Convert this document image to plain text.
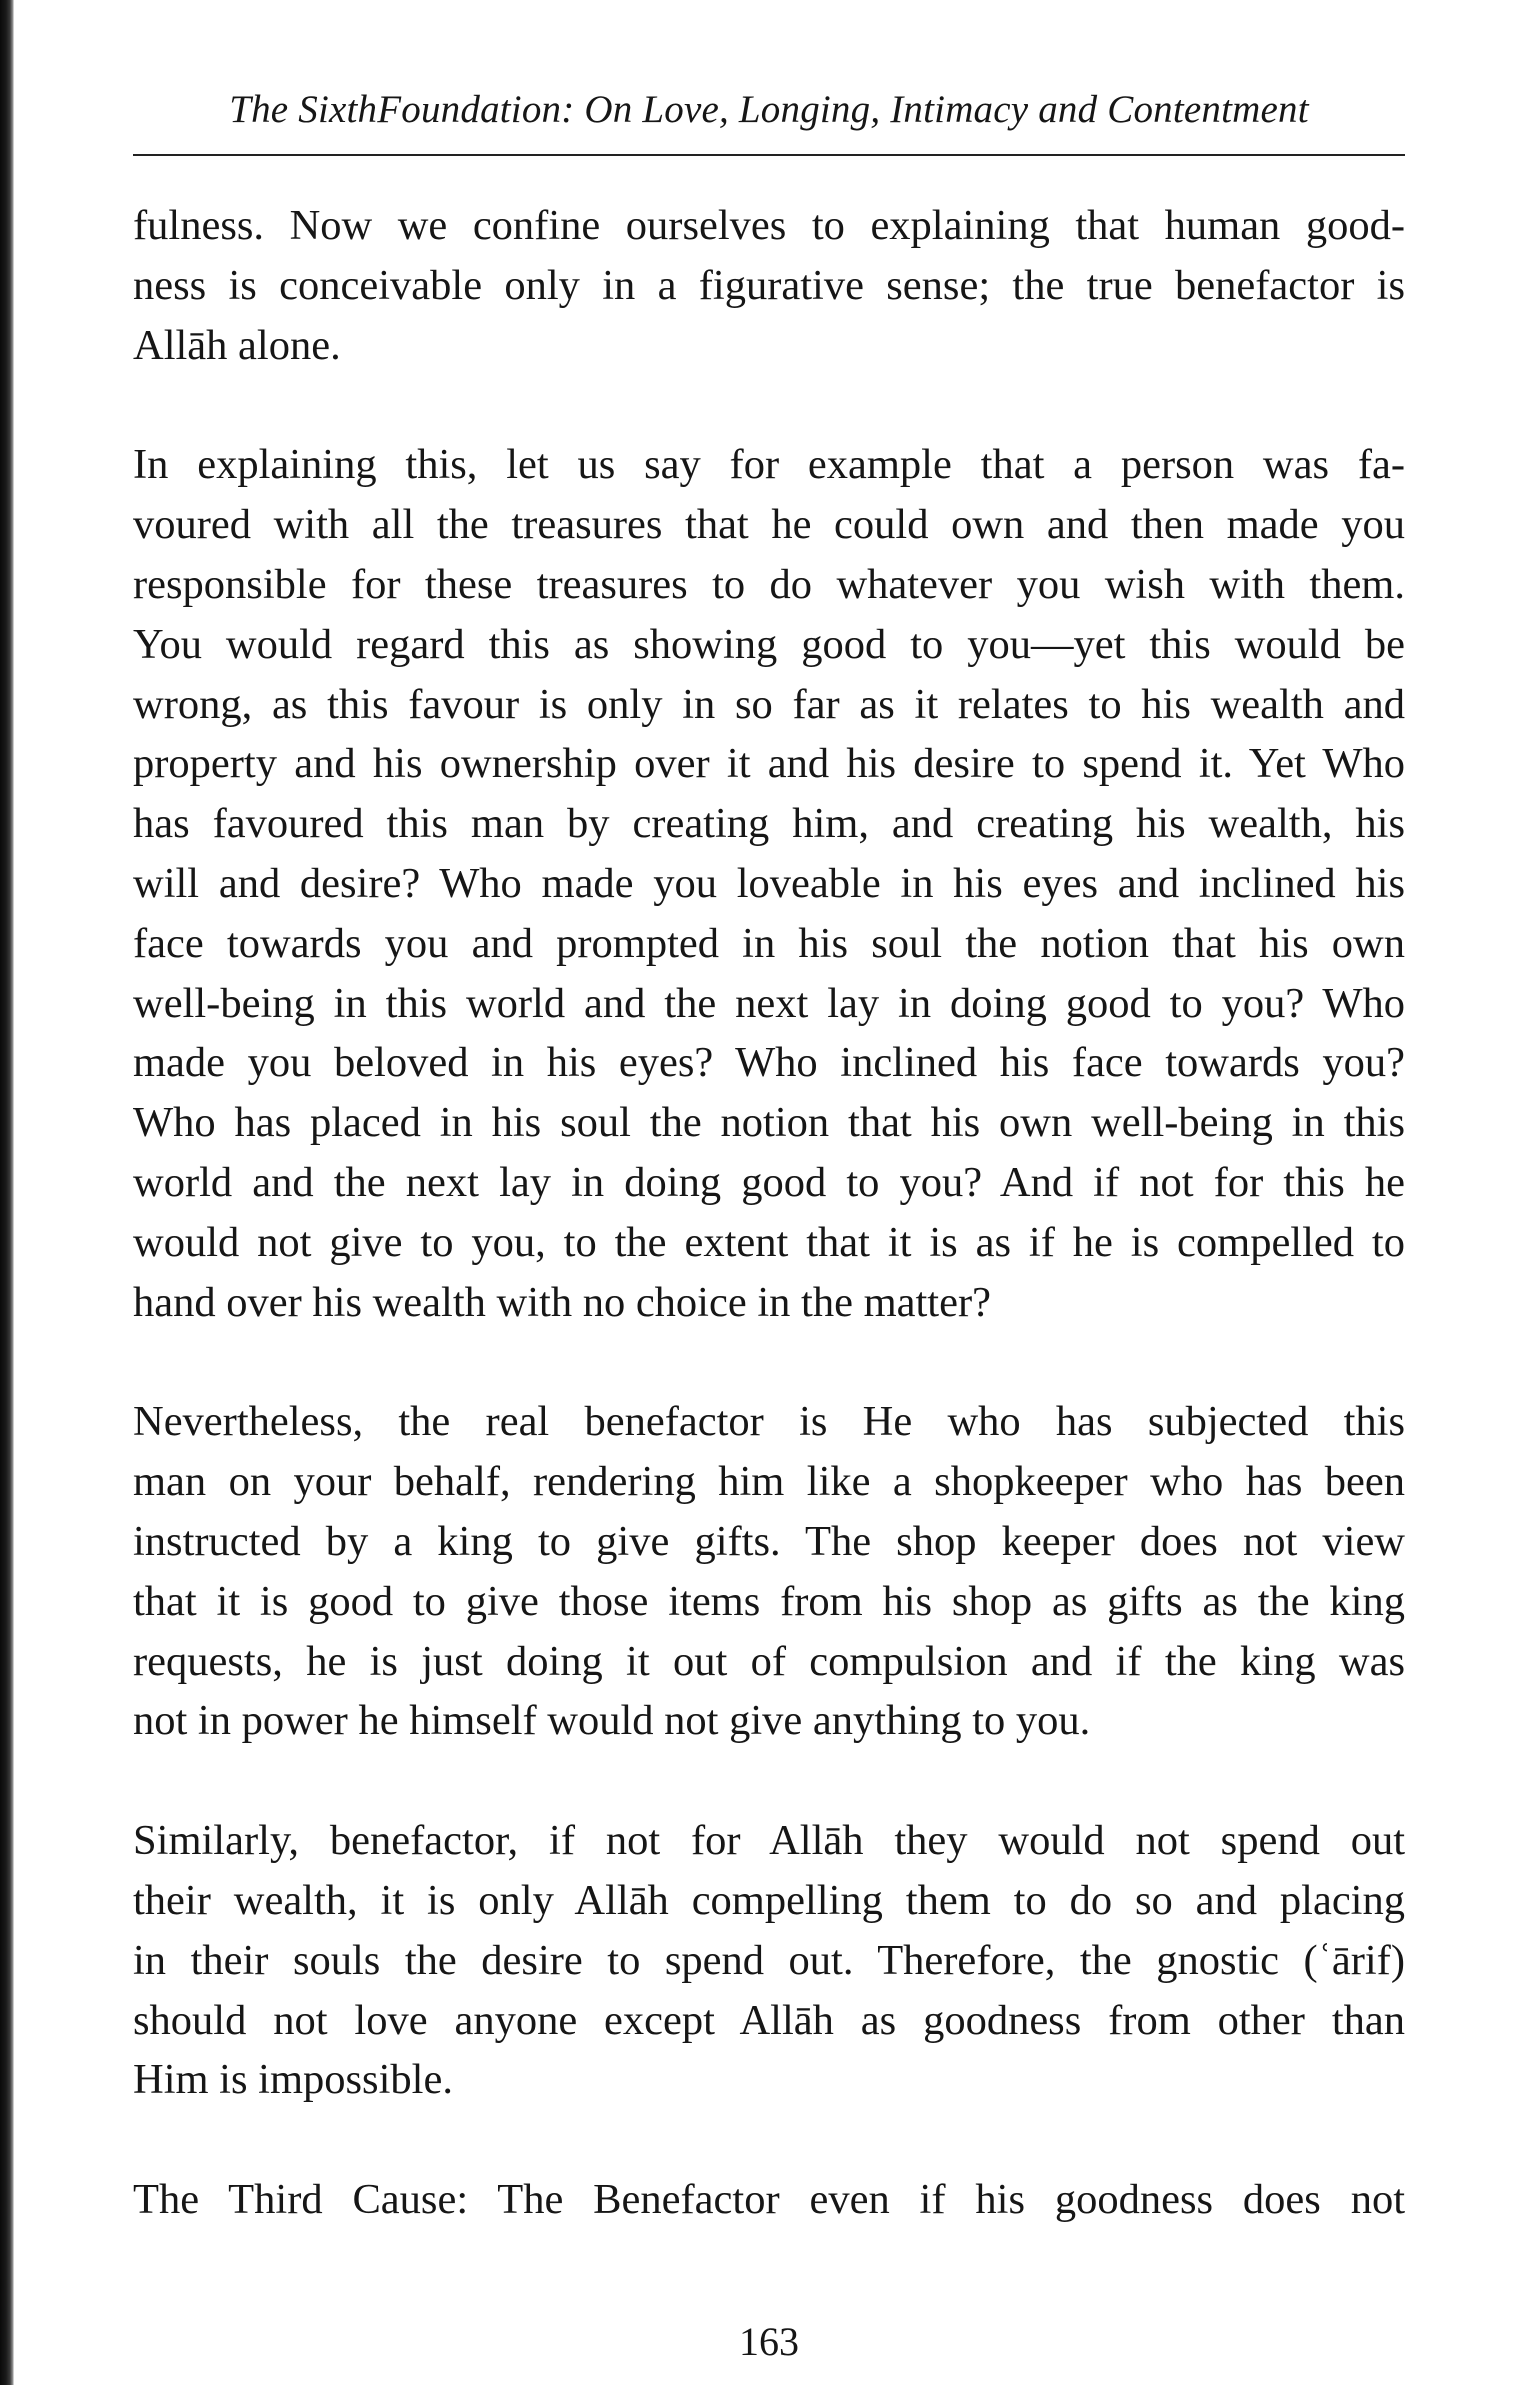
The SixthFoundation: On Love, Longing, Intimacy and Contentment
fulness. Now we confine ourselves to explaining that human good-
ness is conceivable only in a figurative sense; the true benefactor is
Allāh alone.
In explaining this, let us say for example that a person was fa-
voured with all the treasures that he could own and then made you
responsible for these treasures to do whatever you wish with them.
You would regard this as showing good to you—yet this would be
wrong, as this favour is only in so far as it relates to his wealth and
property and his ownership over it and his desire to spend it. Yet Who
has favoured this man by creating him, and creating his wealth, his
will and desire? Who made you loveable in his eyes and inclined his
face towards you and prompted in his soul the notion that his own
well-being in this world and the next lay in doing good to you? Who
made you beloved in his eyes? Who inclined his face towards you?
Who has placed in his soul the notion that his own well-being in this
world and the next lay in doing good to you? And if not for this he
would not give to you, to the extent that it is as if he is compelled to
hand over his wealth with no choice in the matter?
Nevertheless, the real benefactor is He who has subjected this
man on your behalf, rendering him like a shopkeeper who has been
instructed by a king to give gifts. The shop keeper does not view
that it is good to give those items from his shop as gifts as the king
requests, he is just doing it out of compulsion and if the king was
not in power he himself would not give anything to you.
Similarly, benefactor, if not for Allāh they would not spend out
their wealth, it is only Allāh compelling them to do so and placing
in their souls the desire to spend out. Therefore, the gnostic (ʿārif)
should not love anyone except Allāh as goodness from other than
Him is impossible.
The Third Cause: The Benefactor even if his goodness does not
163
